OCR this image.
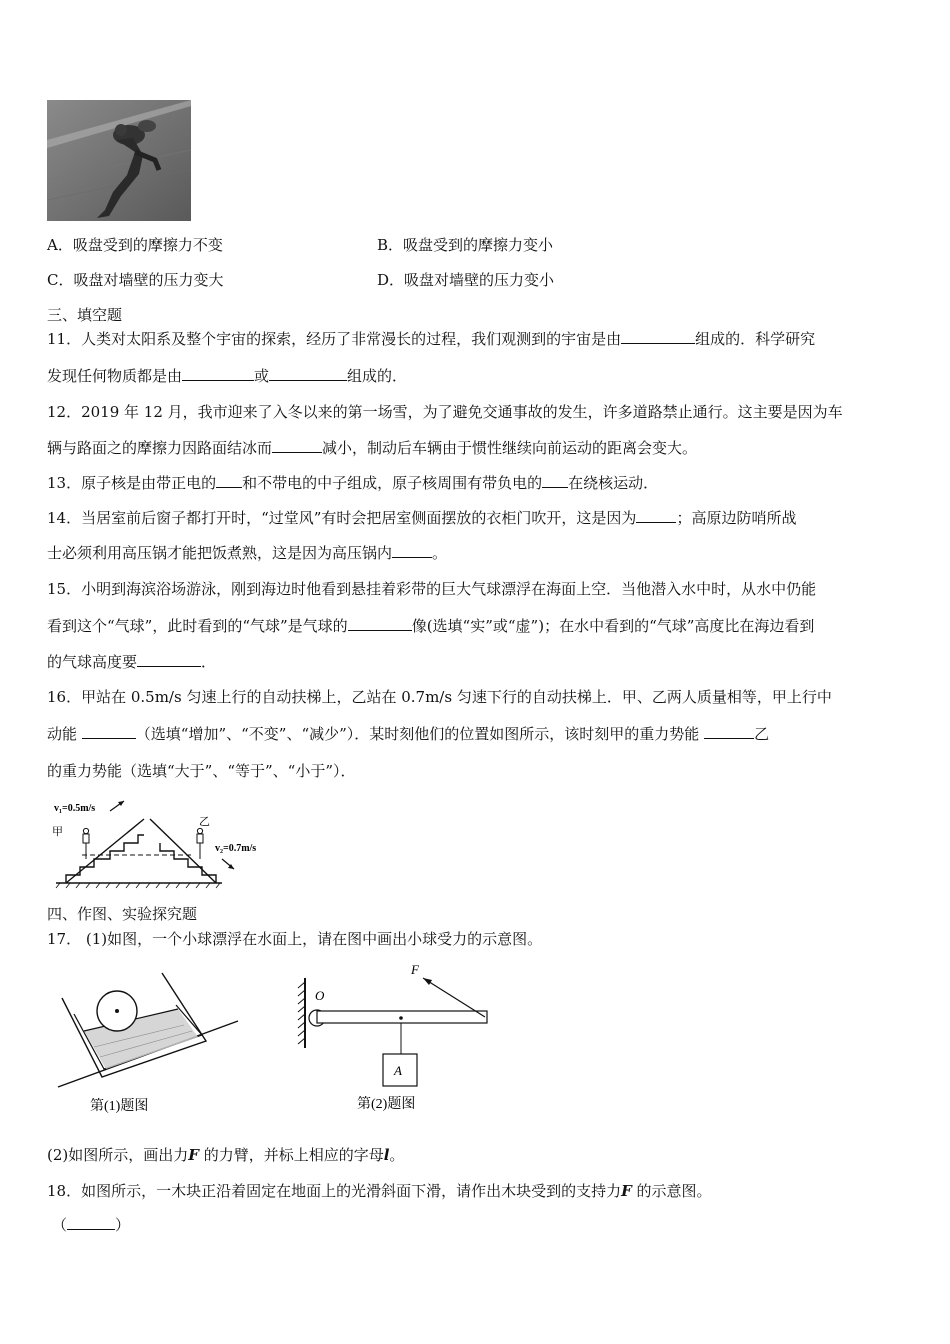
A．吸盘受到的摩擦力不变	B．吸盘受到的摩擦力变小
C．吸盘对墙壁的压力变大	D．吸盘对墙壁的压力变小
三、填空题
11．人类对太阳系及整个宇宙的探索，经历了非常漫长的过程，我们观测到的宇宙是由	组成的．科学研究
发现任何物质都是由	或	组成的．
12．2019 年 12 月，我市迎来了入冬以来的第一场雪，为了避免交通事故的发生，许多道路禁止通行。这主要是因为车
辆与路面之的摩擦力因路面结冰而	减小，制动后车辆由于惯性继续向前运动的距离会变大。
13．原子核是由带正电的 和不带电的中子组成，原子核周围有带负电的 在绕核运动．
14．当居室前后窗子都打开时，“过堂风”有时会把居室侧面摆放的衣柜门吹开，这是因为	；高原边防哨所战
士必须利用高压锅才能把饭煮熟，这是因为高压锅内	。
15．小明到海滨浴场游泳，刚到海边时他看到悬挂着彩带的巨大气球漂浮在海面上空．当他潜入水中时，从水中仍能
看到这个“气球”，此时看到的“气球”是气球的	像(选填“实”或“虚”)；在水中看到的“气球”高度比在海边看到
的气球高度要	．
16．甲站在 0.5m/s 匀速上行的自动扶梯上，乙站在 0.7m/s 匀速下行的自动扶梯上．甲、乙两人质量相等，甲上行中
动能	（选填“增加”、“不变”、“减少”）．某时刻他们的位置如图所示，该时刻甲的重力势能	乙
的重力势能（选填“大于”、“等于”、“小于”）．
v₁=0.5m/s
甲
乙
v₂=0.7m/s
四、作图、实验探究题
17． (1)如图，一个小球漂浮在水面上，请在图中画出小球受力的示意图。
第(1)题图
O
A
F
第(2)题图
(2)如图所示，画出力F 的力臂，并标上相应的字母l。
18．如图所示，一木块正沿着固定在地面上的光滑斜面下滑，请作出木块受到的支持力F 的示意图。
（	）
